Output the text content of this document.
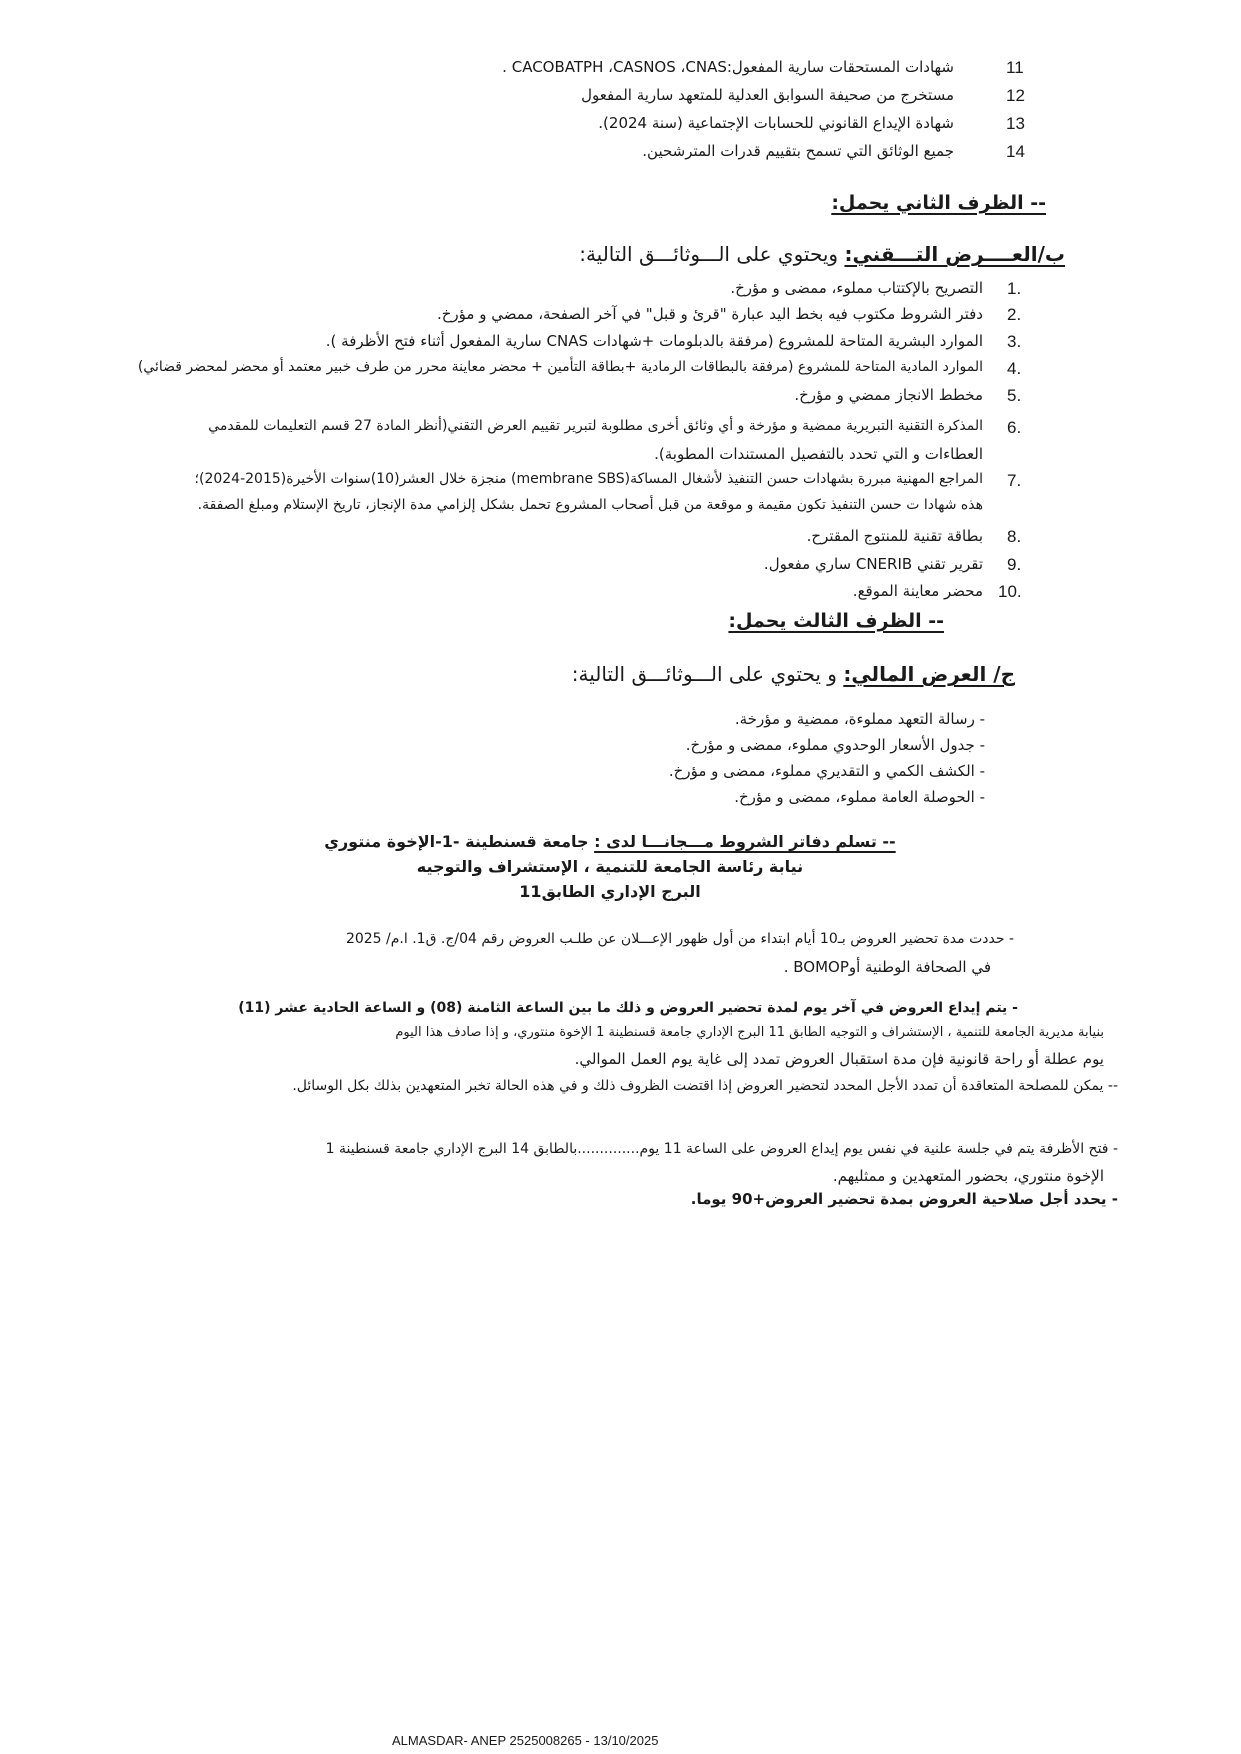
11
شهادات المستحقات سارية المفعول:CACOBATPH ،CASNOS ،CNAS .
12
مستخرج من صحيفة السوابق العدلية للمتعهد سارية المفعول
13
شهادة الإيداع القانوني للحسابات الإجتماعية (سنة 2024).
14
جميع الوثائق التي تسمح بتقييم قدرات المترشحين.
-- الظرف الثاني يحمل:
ب/العــــرض التـــقني: ويحتوي على الـــوثائـــق التالية:
1.
التصريح بالإكتتاب مملوء، ممضى و مؤرخ.
2.
دفتر الشروط مكتوب فيه بخط اليد عبارة "قرئ و قبل" في آخر الصفحة، ممضي و مؤرخ.
3.
الموارد البشرية المتاحة للمشروع (مرفقة بالدبلومات +شهادات CNAS سارية المفعول أثناء فتح الأظرفة ).
4.
الموارد المادية المتاحة للمشروع (مرفقة بالبطاقات الرمادية +بطاقة التأمين + محضر معاينة محرر من طرف خبير معتمد أو محضر لمحضر قضائي)
5.
مخطط الانجاز ممضي و مؤرخ.
6.
المذكرة التقنية التبريرية ممضية و مؤرخة و أي وثائق أخرى مطلوبة لتبرير تقييم العرض التقني(أنظر المادة 27 قسم التعليمات للمقدمي
العطاءات و التي تحدد بالتفصيل المستندات المطوبة).
7.
المراجع المهنية مبررة بشهادات حسن التنفيذ لأشغال المساكة(membrane SBS) منجزة خلال العشر(10)سنوات الأخيرة(2015-2024)؛
هذه شهادا ت حسن التنفيذ تكون مقيمة و موقعة من قبل أصحاب المشروع تحمل بشكل إلزامي مدة الإنجاز، تاريخ الإستلام ومبلغ الصفقة.
8.
بطاقة تقنية للمنتوج المقترح.
9.
تقرير تقني CNERIB ساري مفعول.
10.
محضر معاينة الموقع.
-- الظرف الثالث يحمل:
ج/ العرض المالي: و يحتوي على الـــوثائـــق التالية:
- رسالة التعهد مملوءة، ممضية و مؤرخة.
- جدول الأسعار الوحدوي مملوء، ممضى و مؤرخ.
- الكشف الكمي و التقديري مملوء، ممضى و مؤرخ.
- الحوصلة العامة مملوء، ممضى و مؤرخ.
-- تسلم دفاتر الشروط مـــجانـــا لدى : جامعة قسنطينة -1-الإخوة منتوري
نيابة رئاسة الجامعة للتنمية ، الإستشراف والتوجيه
البرج الإداري الطابق11
- حددت مدة تحضير العروض بـ10 أيام ابتداء من أول ظهور الإعـــلان عن طلـب العروض رقم 04/ج. ق1. ا.م/ 2025
في الصحافة الوطنية أوBOMOP .
- يتم إيداع العروض في آخر يوم لمدة تحضير العروض و ذلك ما بين الساعة الثامنة (08) و الساعة الحادية عشر (11)
بنيابة مديرية الجامعة للتنمية ، الإستشراف و التوجيه الطابق 11 البرج الإداري جامعة قسنطينة 1 الإخوة منتوري، و إذا صادف هذا اليوم
يوم عطلة أو راحة قانونية فإن مدة استقبال العروض تمدد إلى غاية يوم العمل الموالي.
-- يمكن للمصلحة المتعاقدة أن تمدد الأجل المحدد لتحضير العروض إذا اقتضت الظروف ذلك و في هذه الحالة تخبر المتعهدين بذلك بكل الوسائل.
- فتح الأظرفة يتم في جلسة علنية في نفس يوم إيداع العروض على الساعة 11 يوم..............بالطابق 14 البرج الإداري جامعة قسنطينة 1
الإخوة منتوري، بحضور المتعهدين و ممثليهم.
- يحدد أجل صلاحية العروض بمدة تحضير العروض+90 يوما.
ALMASDAR- ANEP 2525008265 - 13/10/2025
